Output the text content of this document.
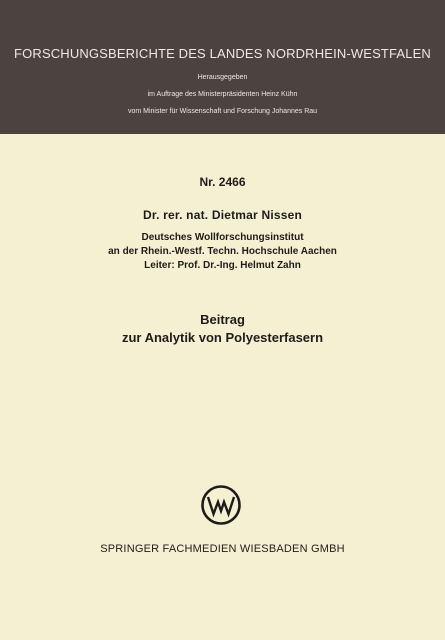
FORSCHUNGSBERICHTE DES LANDES NORDRHEIN-WESTFALEN
Herausgegeben
im Auftrage des Ministerpräsidenten Heinz Kühn
vom Minister für Wissenschaft und Forschung Johannes Rau
Nr. 2466
Dr. rer. nat. Dietmar Nissen
Deutsches Wollforschungsinstitut
an der Rhein.-Westf. Techn. Hochschule Aachen
Leiter: Prof. Dr.-Ing. Helmut Zahn
Beitrag
zur Analytik von Polyesterfasern
SPRINGER FACHMEDIEN WIESBADEN GMBH
